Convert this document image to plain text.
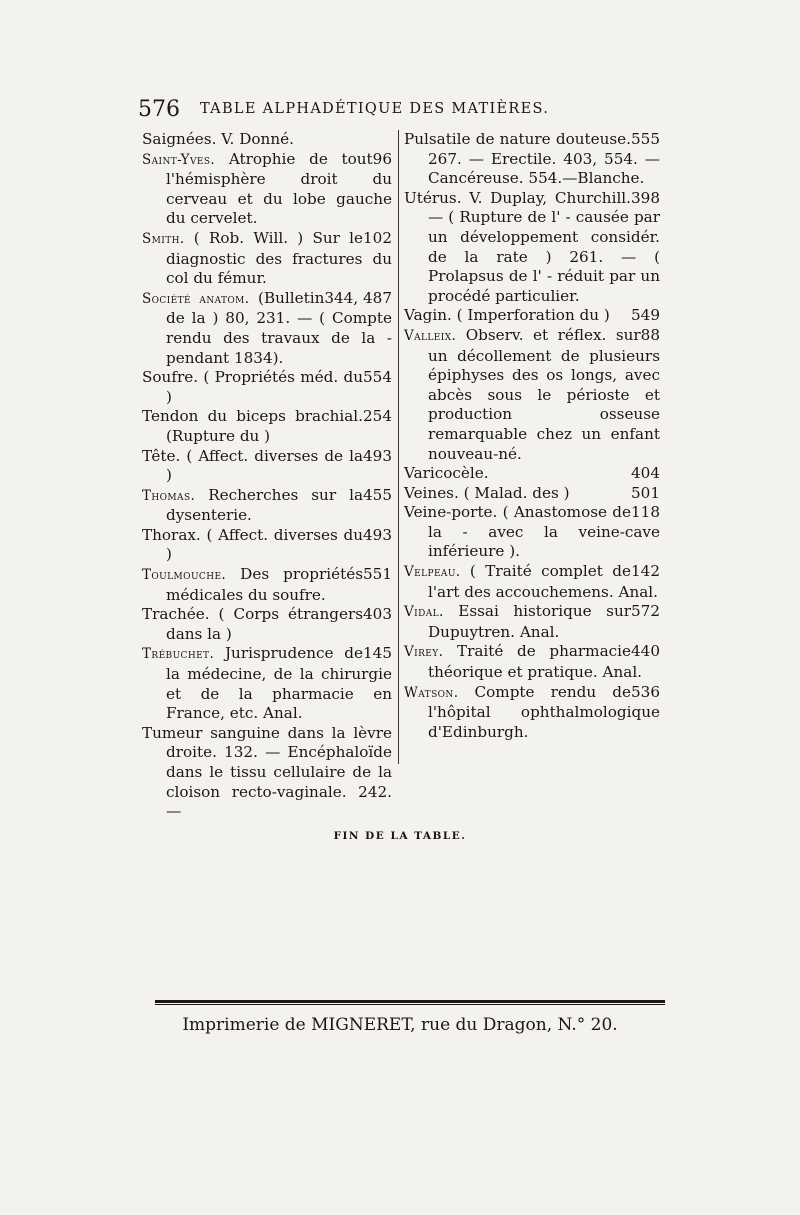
576 TABLE ALPHADÉTIQUE DES MATIÈRES.
Saignées. V. Donné.
96
Saint-Yves. Atrophie de tout l'hémisphère droit du cerveau et du lobe gauche du cervelet.
102
Smith. ( Rob. Will. ) Sur le diagnostic des fractures du col du fémur.
344, 487
Société anatom. (Bulletin de la ) 80, 231. — ( Compte rendu des travaux de la - pendant 1834).
554
Soufre. ( Propriétés méd. du )
254
Tendon du biceps brachial. (Rupture du )
493
Tête. ( Affect. diverses de la )
455
Thomas. Recherches sur la dysenterie.
493
Thorax. ( Affect. diverses du )
551
Toulmouche. Des propriétés médicales du soufre.
403
Trachée. ( Corps étrangers dans la )
145
Trébuchet. Jurisprudence de la médecine, de la chirurgie et de la pharmacie en France, etc. Anal.
Tumeur sanguine dans la lèvre droite. 132. — Encéphaloïde dans le tissu cellulaire de la cloison recto-vaginale. 242. —
555
Pulsatile de nature douteuse. 267. — Erectile. 403, 554. — Cancéreuse. 554.—Blanche.
398
Utérus. V. Duplay, Churchill. — ( Rupture de l' - causée par un développement considér. de la rate ) 261. — ( Prolapsus de l' - réduit par un procédé particulier.
549
Vagin. ( Imperforation du )
88
Valleix. Observ. et réflex. sur un décollement de plusieurs épiphyses des os longs, avec abcès sous le périoste et production osseuse remarquable chez un enfant nouveau-né.
404
Varicocèle.
501
Veines. ( Malad. des )
118
Veine-porte. ( Anastomose de la - avec la veine-cave inférieure ).
142
Velpeau. ( Traité complet de l'art des accouchemens. Anal.
572
Vidal. Essai historique sur Dupuytren. Anal.
440
Virey. Traité de pharmacie théorique et pratique. Anal.
536
Watson. Compte rendu de l'hôpital ophthalmologique d'Edinburgh.
FIN DE LA TABLE.
Imprimerie de MIGNERET, rue du Dragon, N.° 20.
